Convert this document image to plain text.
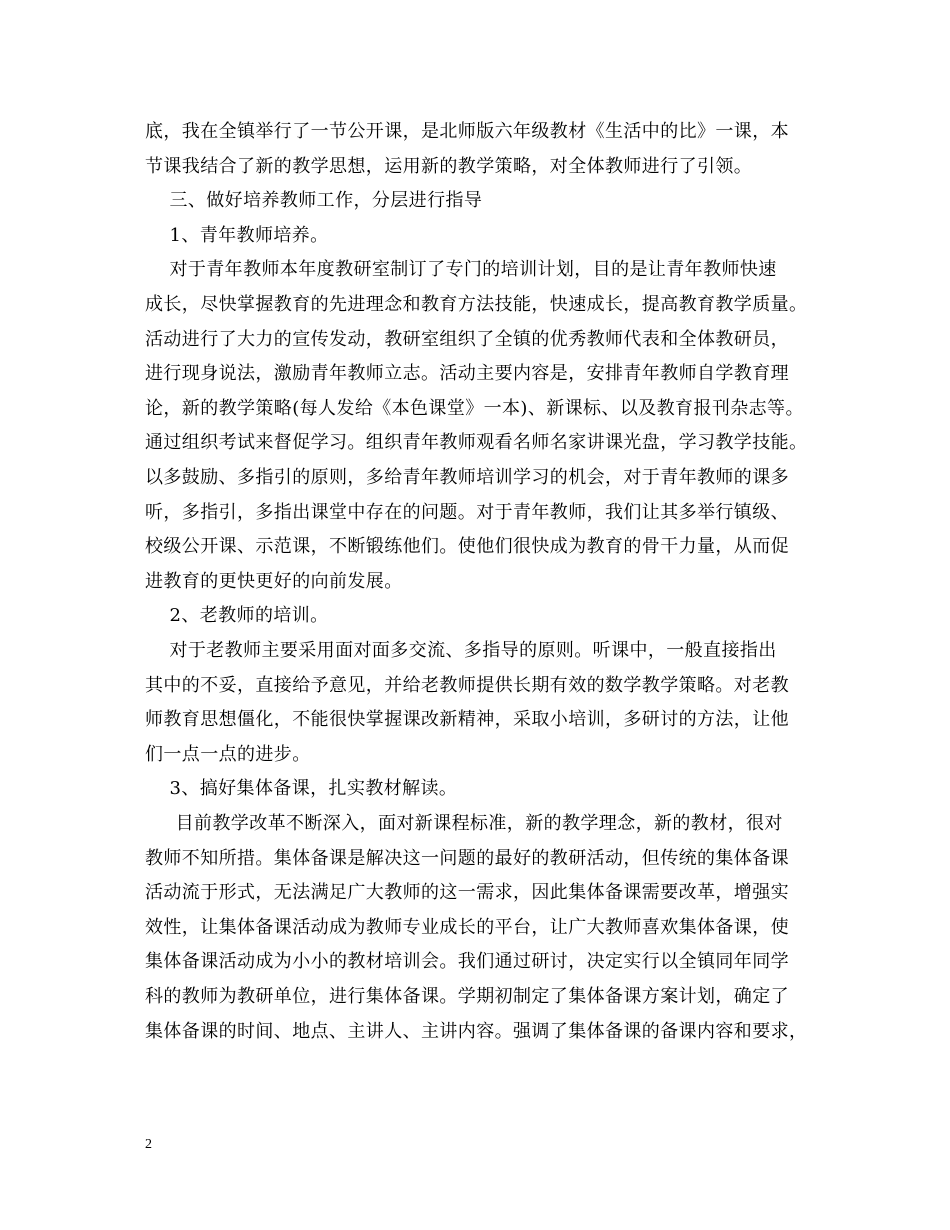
底，我在全镇举行了一节公开课，是北师版六年级教材《生活中的比》一课，本
节课我结合了新的教学思想，运用新的教学策略，对全体教师进行了引领。
三、做好培养教师工作，分层进行指导
1、青年教师培养。
对于青年教师本年度教研室制订了专门的培训计划，目的是让青年教师快速
成长，尽快掌握教育的先进理念和教育方法技能，快速成长，提高教育教学质量。
活动进行了大力的宣传发动，教研室组织了全镇的优秀教师代表和全体教研员，
进行现身说法，激励青年教师立志。活动主要内容是，安排青年教师自学教育理
论，新的教学策略(每人发给《本色课堂》一本)、新课标、以及教育报刊杂志等。
通过组织考试来督促学习。组织青年教师观看名师名家讲课光盘，学习教学技能。
以多鼓励、多指引的原则，多给青年教师培训学习的机会，对于青年教师的课多
听，多指引，多指出课堂中存在的问题。对于青年教师，我们让其多举行镇级、
校级公开课、示范课，不断锻练他们。使他们很快成为教育的骨干力量，从而促
进教育的更快更好的向前发展。
2、老教师的培训。
对于老教师主要采用面对面多交流、多指导的原则。听课中，一般直接指出
其中的不妥，直接给予意见，并给老教师提供长期有效的数学教学策略。对老教
师教育思想僵化，不能很快掌握课改新精神，采取小培训，多研讨的方法，让他
们一点一点的进步。
3、搞好集体备课，扎实教材解读。
目前教学改革不断深入，面对新课程标准，新的教学理念，新的教材，很对
教师不知所措。集体备课是解决这一问题的最好的教研活动，但传统的集体备课
活动流于形式，无法满足广大教师的这一需求，因此集体备课需要改革，增强实
效性，让集体备课活动成为教师专业成长的平台，让广大教师喜欢集体备课，使
集体备课活动成为小小的教材培训会。我们通过研讨，决定实行以全镇同年同学
科的教师为教研单位，进行集体备课。学期初制定了集体备课方案计划，确定了
集体备课的时间、地点、主讲人、主讲内容。强调了集体备课的备课内容和要求，
2
